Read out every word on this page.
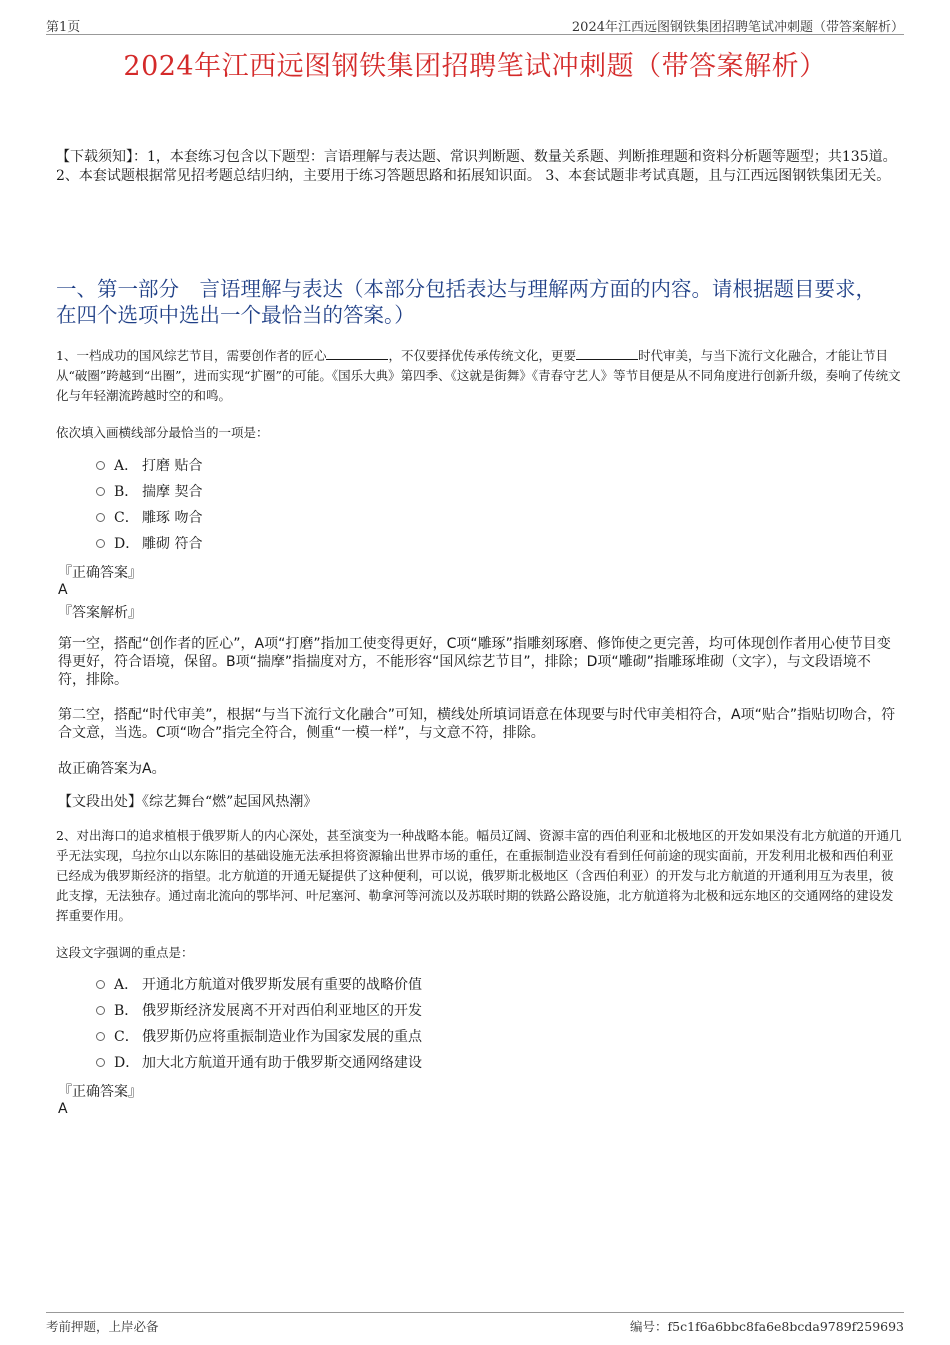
第1页	2024年江西远图钢铁集团招聘笔试冲刺题（带答案解析）
2024年江西远图钢铁集团招聘笔试冲刺题（带答案解析）
【下载须知】：1，本套练习包含以下题型：言语理解与表达题、常识判断题、数量关系题、判断推理题和资料分析题等题型；共135道。 2、本套试题根据常见招考题总结归纳，主要用于练习答题思路和拓展知识面。 3、本套试题非考试真题，且与江西远图钢铁集团无关。
一、第一部分　言语理解与表达（本部分包括表达与理解两方面的内容。请根据题目要求，在四个选项中选出一个最恰当的答案。）
1、一档成功的国风综艺节目，需要创作者的匠心	，不仅要择优传承传统文化，更要	时代审美，与当下流行文化融合，才能让节目从“破圈”跨越到“出圈”，进而实现“扩圈”的可能。《国乐大典》第四季、《这就是街舞》《青春守艺人》等节目便是从不同角度进行创新升级，奏响了传统文化与年轻潮流跨越时空的和鸣。
依次填入画横线部分最恰当的一项是：
A． 打磨 贴合
B． 揣摩 契合
C． 雕琢 吻合
D． 雕砌 符合
『正确答案』
A
『答案解析』
第一空，搭配“创作者的匠心”，A项“打磨”指加工使变得更好，C项“雕琢”指雕刻琢磨、修饰使之更完善，均可体现创作者用心使节目变得更好，符合语境，保留。B项“揣摩”指揣度对方，不能形容“国风综艺节目”，排除；D项“雕砌”指雕琢堆砌（文字），与文段语境不符，排除。
第二空，搭配“时代审美”，根据“与当下流行文化融合”可知，横线处所填词语意在体现要与时代审美相符合，A项“贴合”指贴切吻合，符合文意，当选。C项“吻合”指完全符合，侧重“一模一样”，与文意不符，排除。
故正确答案为A。
【文段出处】《综艺舞台“燃”起国风热潮》
2、对出海口的追求植根于俄罗斯人的内心深处，甚至演变为一种战略本能。幅员辽阔、资源丰富的西伯利亚和北极地区的开发如果没有北方航道的开通几乎无法实现，乌拉尔山以东陈旧的基础设施无法承担将资源输出世界市场的重任，在重振制造业没有看到任何前途的现实面前，开发利用北极和西伯利亚已经成为俄罗斯经济的指望。北方航道的开通无疑提供了这种便利，可以说，俄罗斯北极地区（含西伯利亚）的开发与北方航道的开通利用互为表里，彼此支撑，无法独存。通过南北流向的鄂毕河、叶尼塞河、勒拿河等河流以及苏联时期的铁路公路设施，北方航道将为北极和远东地区的交通网络的建设发挥重要作用。
这段文字强调的重点是：
A． 开通北方航道对俄罗斯发展有重要的战略价值
B． 俄罗斯经济发展离不开对西伯利亚地区的开发
C． 俄罗斯仍应将重振制造业作为国家发展的重点
D． 加大北方航道开通有助于俄罗斯交通网络建设
『正确答案』
A
考前押题，上岸必备	编号：f5c1f6a6bbc8fa6e8bcda9789f259693
